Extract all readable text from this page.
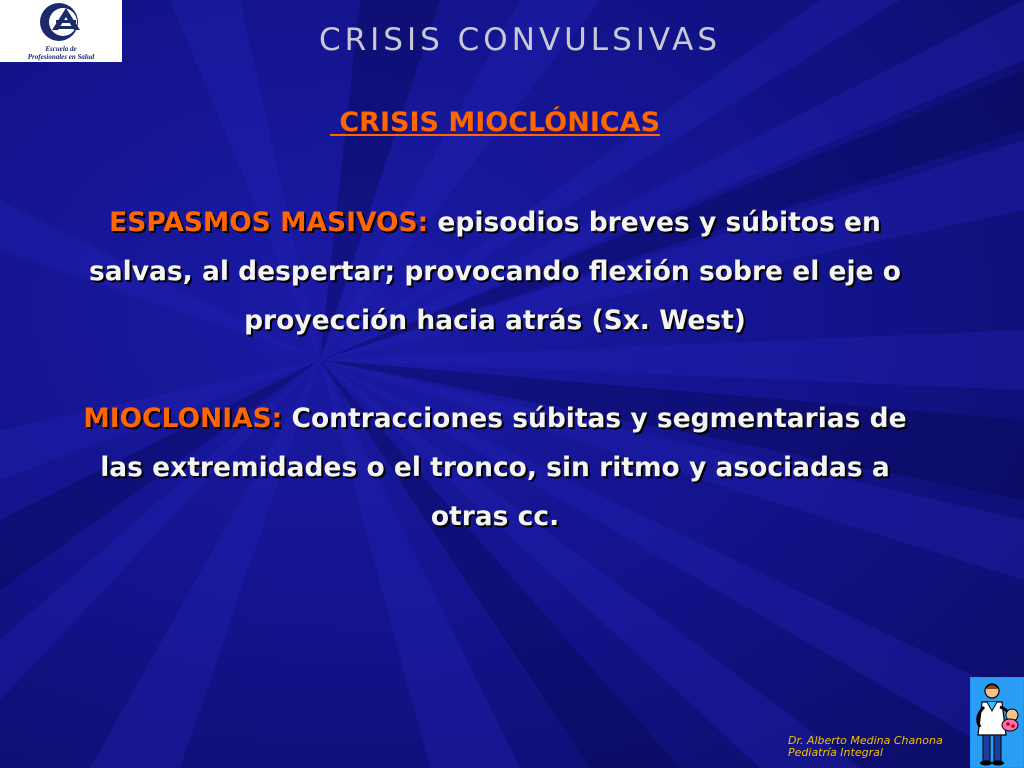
Escuela de
Profesionales en Salud	CRISIS CONVULSIVAS
CRISIS MIOCLÓNICAS
ESPASMOS MASIVOS: episodios breves y súbitos en salvas, al despertar; provocando flexión sobre el eje o proyección hacia atrás (Sx. West)
MIOCLONIAS: Contracciones súbitas y segmentarias de las extremidades o el tronco, sin ritmo y asociadas a otras cc.
Dr. Alberto Medina Chanona
Pediatría Integral
